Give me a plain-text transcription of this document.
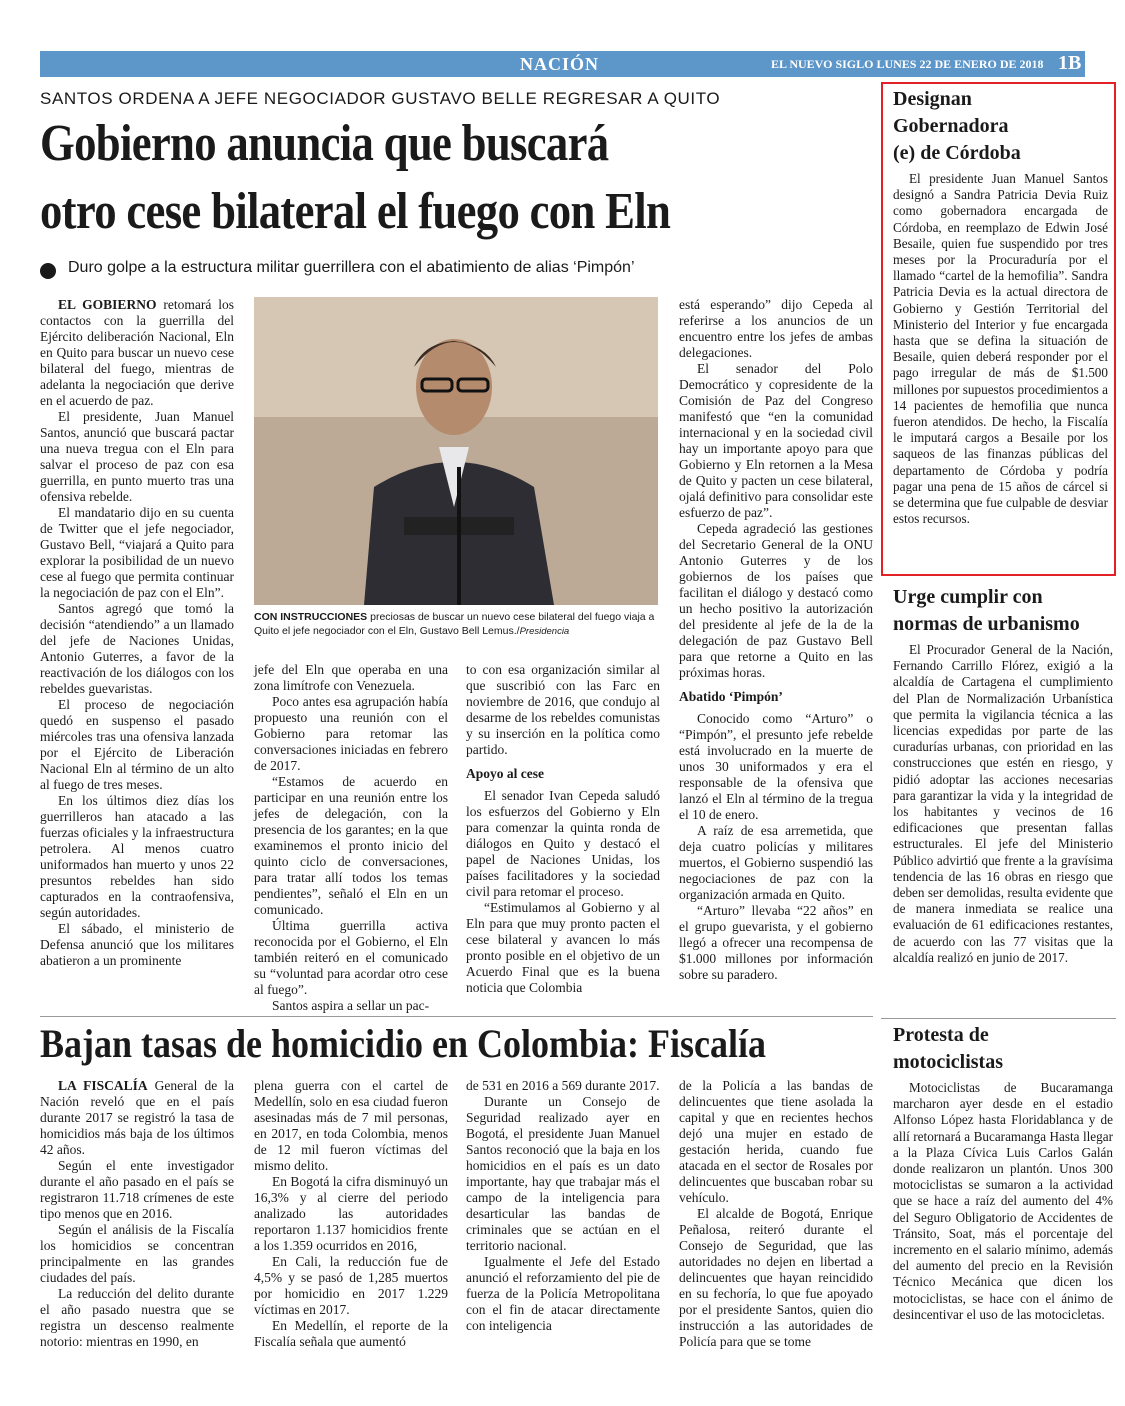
NACIÓN	EL NUEVO SIGLO LUNES 22 DE ENERO DE 2018 1B
SANTOS ORDENA A JEFE NEGOCIADOR GUSTAVO BELLE REGRESAR A QUITO
Gobierno anuncia que buscará
otro cese bilateral el fuego con Eln
Duro golpe a la estructura militar guerrillera con el abatimiento de alias ‘Pimpón’

EL GOBIERNO retomará los contactos con la guerrilla del Ejército deliberación Nacional, Eln en Quito para buscar un nuevo cese bilateral del fuego, mientras de adelanta la negociación que derive en el acuerdo de paz.

El presidente, Juan Manuel Santos, anunció que buscará pactar una nueva tregua con el Eln para salvar el proceso de paz con esa guerrilla, en punto muerto tras una ofensiva rebelde.

El mandatario dijo en su cuenta de Twitter que el jefe negociador, Gustavo Bell, “viajará a Quito para explorar la posibilidad de un nuevo cese al fuego que permita continuar la negociación de paz con el Eln”.

Santos agregó que tomó la decisión “atendiendo” a un llamado del jefe de Naciones Unidas, Antonio Guterres, a favor de la reactivación de los diálogos con los rebeldes guevaristas.

El proceso de negociación quedó en suspenso el pasado miércoles tras una ofensiva lanzada por el Ejército de Liberación Nacional Eln al término de un alto al fuego de tres meses.

En los últimos diez días los guerrilleros han atacado a las fuerzas oficiales y la infraestructura petrolera. Al menos cuatro uniformados han muerto y unos 22 presuntos rebeldes han sido capturados en la contraofensiva, según autoridades.

El sábado, el ministerio de Defensa anunció que los militares abatieron a un prominente

CON INSTRUCCIONES preciosas de buscar un nuevo cese bilateral del fuego viaja a Quito el jefe negociador con el Eln, Gustavo Bell Lemus./Presidencia

jefe del Eln que operaba en una zona limítrofe con Venezuela.

Poco antes esa agrupación había propuesto una reunión con el Gobierno para retomar las conversaciones iniciadas en febrero de 2017.

“Estamos de acuerdo en participar en una reunión entre los jefes de delegación, con la presencia de los garantes; en la que examinemos el pronto inicio del quinto ciclo de conversaciones, para tratar allí todos los temas pendientes”, señaló el Eln en un comunicado.

Última guerrilla activa reconocida por el Gobierno, el Eln también reiteró en el comunicado su “voluntad para acordar otro cese al fuego”.

Santos aspira a sellar un pac-

to con esa organización similar al que suscribió con las Farc en noviembre de 2016, que condujo al desarme de los rebeldes comunistas y su inserción en la política como partido.

Apoyo al cese

El senador Ivan Cepeda saludó los esfuerzos del Gobierno y Eln para comenzar la quinta ronda de diálogos en Quito y destacó el papel de Naciones Unidas, los países facilitadores y la sociedad civil para retomar el proceso.

“Estimulamos al Gobierno y al Eln para que muy pronto pacten el cese bilateral y avancen lo más pronto posible en el objetivo de un Acuerdo Final que es la buena noticia que Colombia

está esperando” dijo Cepeda al referirse a los anuncios de un encuentro entre los jefes de ambas delegaciones.

El senador del Polo Democrático y copresidente de la Comisión de Paz del Congreso manifestó que “en la comunidad internacional y en la sociedad civil hay un importante apoyo para que Gobierno y Eln retornen a la Mesa de Quito y pacten un cese bilateral, ojalá definitivo para consolidar este esfuerzo de paz”.

Cepeda agradeció las gestiones del Secretario General de la ONU Antonio Guterres y de los gobiernos de los países que facilitan el diálogo y destacó como un hecho positivo la autorización del presidente al jefe de la de la delegación de paz Gustavo Bell para que retorne a Quito en las próximas horas.

Abatido ‘Pimpón’

Conocido como “Arturo” o “Pimpón”, el presunto jefe rebelde está involucrado en la muerte de unos 30 uniformados y era el responsable de la ofensiva que lanzó el Eln al término de la tregua el 10 de enero.

A raíz de esa arremetida, que deja cuatro policías y militares muertos, el Gobierno suspendió las negociaciones de paz con la organización armada en Quito.

“Arturo” llevaba “22 años” en el grupo guevarista, y el gobierno llegó a ofrecer una recompensa de $1.000 millones por información sobre su paradero.

Bajan tasas de homicidio en Colombia: Fiscalía

LA FISCALÍA General de la Nación reveló que en el país durante 2017 se registró la tasa de homicidios más baja de los últimos 42 años.

Según el ente investigador durante el año pasado en el país se registraron 11.718 crímenes de este tipo menos que en 2016.

Según el análisis de la Fiscalía los homicidios se concentran principalmente en las grandes ciudades del país.

La reducción del delito durante el año pasado nuestra que se registra un descenso realmente notorio: mientras en 1990, en

plena guerra con el cartel de Medellín, solo en esa ciudad fueron asesinadas más de 7 mil personas, en 2017, en toda Colombia, menos de 12 mil fueron víctimas del mismo delito.

En Bogotá la cifra disminuyó un 16,3% y al cierre del periodo analizado las autoridades reportaron 1.137 homicidios frente a los 1.359 ocurridos en 2016,

En Cali, la reducción fue de 4,5% y se pasó de 1,285 muertos por homicidio en 2017 1.229 víctimas en 2017.

En Medellín, el reporte de la Fiscalía señala que aumentó

de 531 en 2016 a 569 durante 2017.

Durante un Consejo de Seguridad realizado ayer en Bogotá, el presidente Juan Manuel Santos reconoció que la baja en los homicidios en el país es un dato importante, hay que trabajar más el campo de la inteligencia para desarticular las bandas de criminales que se actúan en el territorio nacional.

Igualmente el Jefe del Estado anunció el reforzamiento del pie de fuerza de la Policía Metropolitana con el fin de atacar directamente con inteligencia

de la Policía a las bandas de delincuentes que tiene asolada la capital y que en recientes hechos dejó una mujer en estado de gestación herida, cuando fue atacada en el sector de Rosales por delincuentes que buscaban robar su vehículo.

El alcalde de Bogotá, Enrique Peñalosa, reiteró durante el Consejo de Seguridad, que las autoridades no dejen en libertad a delincuentes que hayan reincidido en su fechoría, lo que fue apoyado por el presidente Santos, quien dio instrucción a las autoridades de Policía para que se tome

Designan
Gobernadora
(e) de Córdoba

El presidente Juan Manuel Santos designó a Sandra Patricia Devia Ruiz como gobernadora encargada de Córdoba, en reemplazo de Edwin José Besaile, quien fue suspendido por tres meses por la Procuraduría por el llamado “cartel de la hemofilia”. Sandra Patricia Devia es la actual directora de Gobierno y Gestión Territorial del Ministerio del Interior y fue encargada hasta que se defina la situación de Besaile, quien deberá responder por el pago irregular de más de $1.500 millones por supuestos procedimientos a 14 pacientes de hemofilia que nunca fueron atendidos. De hecho, la Fiscalía le imputará cargos a Besaile por los saqueos de las finanzas públicas del departamento de Córdoba y podría pagar una pena de 15 años de cárcel si se determina que fue culpable de desviar estos recursos.

Urge cumplir con
normas de urbanismo

El Procurador General de la Nación, Fernando Carrillo Flórez, exigió a la alcaldía de Cartagena el cumplimiento del Plan de Normalización Urbanística que permita la vigilancia técnica a las licencias expedidas por parte de las curadurías urbanas, con prioridad en las construcciones que estén en riesgo, y pidió adoptar las acciones necesarias para garantizar la vida y la integridad de los habitantes y vecinos de 16 edificaciones que presentan fallas estructurales. El jefe del Ministerio Público advirtió que frente a la gravísima tendencia de las 16 obras en riesgo que deben ser demolidas, resulta evidente que de manera inmediata se realice una evaluación de 61 edificaciones restantes, de acuerdo con las 77 visitas que la alcaldía realizó en junio de 2017.

Protesta de
motociclistas

Motociclistas de Bucaramanga marcharon ayer desde en el estadio Alfonso López hasta Floridablanca y de allí retornará a Bucaramanga Hasta llegar a la Plaza Cívica Luis Carlos Galán donde realizaron un plantón. Unos 300 motociclistas se sumaron a la actividad que se hace a raíz del aumento del 4% del Seguro Obligatorio de Accidentes de Tránsito, Soat, más el porcentaje del incremento en el salario mínimo, además del aumento del precio en la Revisión Técnico Mecánica que dicen los motociclistas, se hace con el ánimo de desincentivar el uso de las motocicletas.
